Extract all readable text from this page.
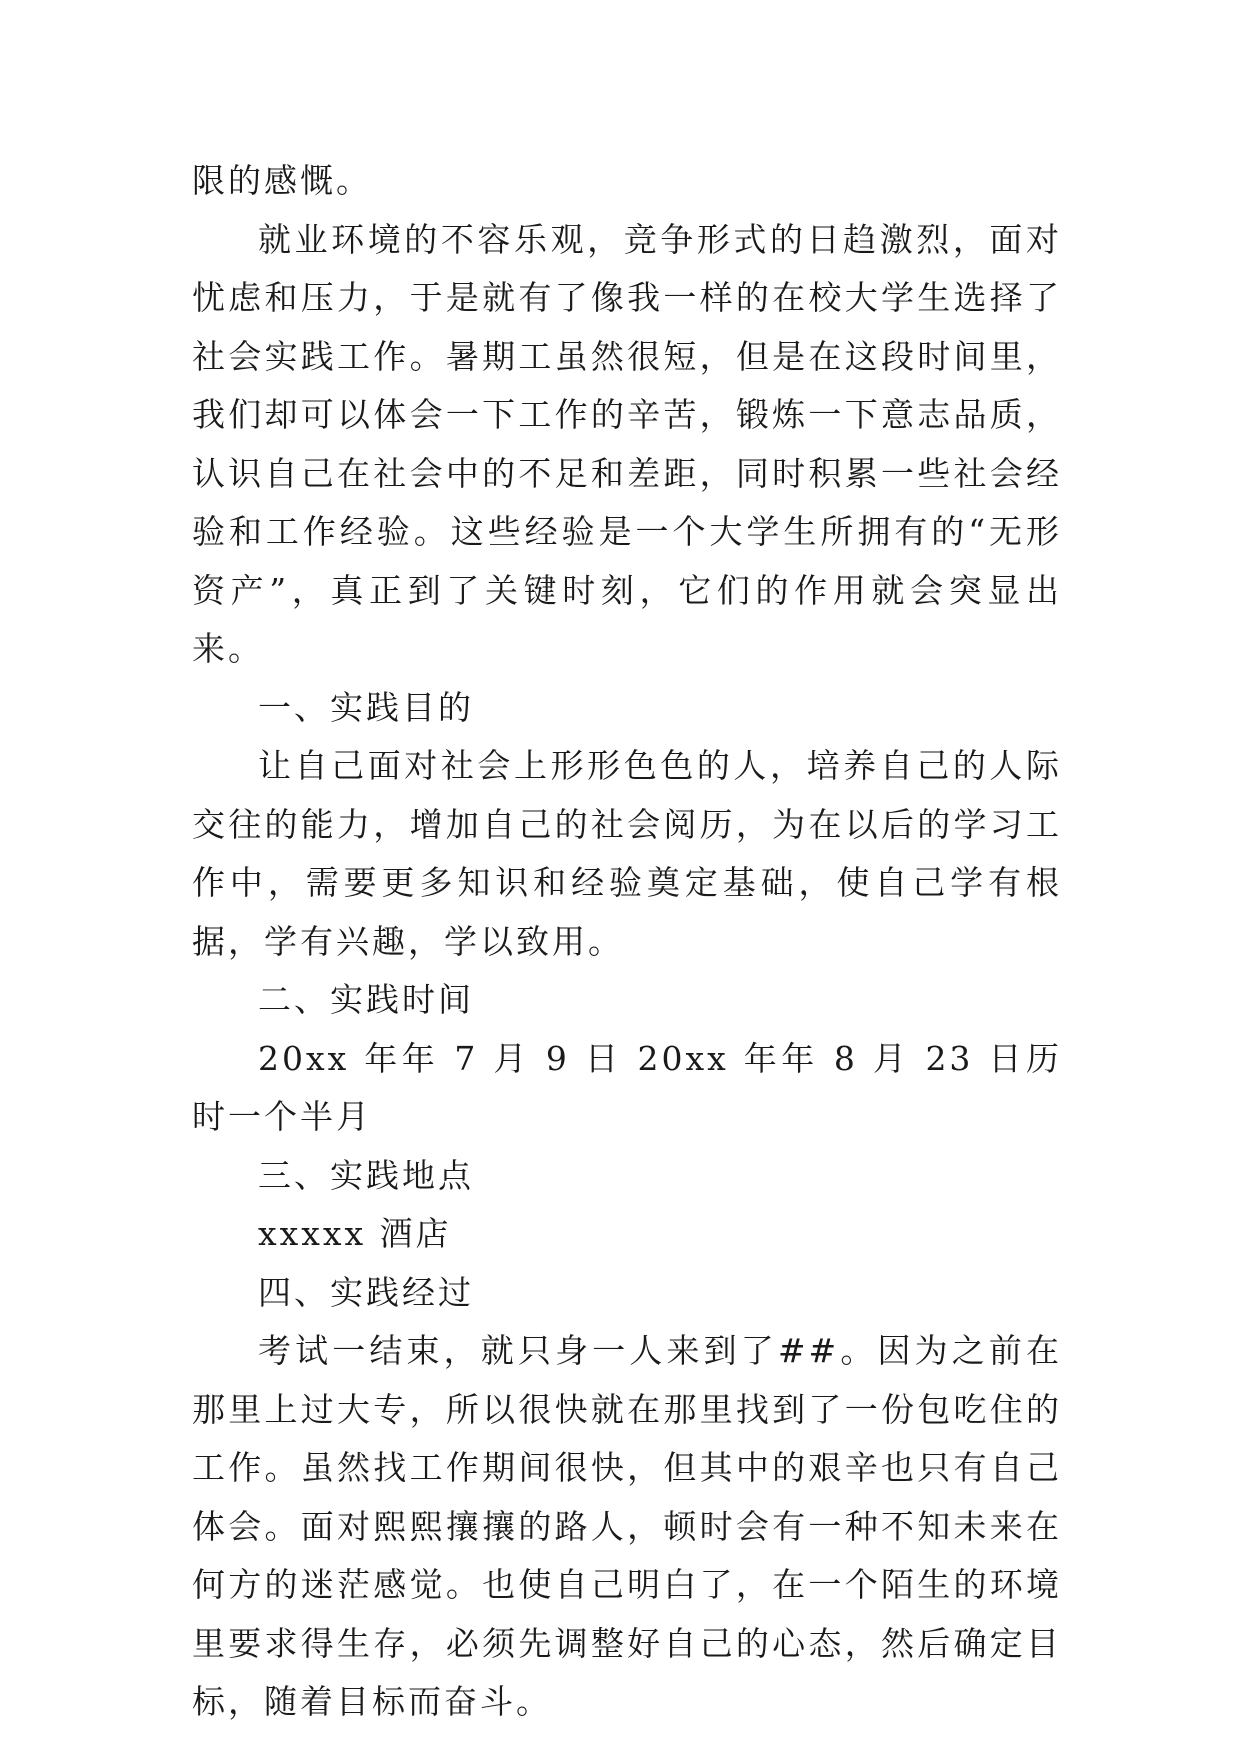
限的感慨。

就业环境的不容乐观，竞争形式的日趋激烈，面对忧虑和压力，于是就有了像我一样的在校大学生选择了社会实践工作。暑期工虽然很短，但是在这段时间里，我们却可以体会一下工作的辛苦，锻炼一下意志品质，认识自己在社会中的不足和差距，同时积累一些社会经验和工作经验。这些经验是一个大学生所拥有的“无形资产”，真正到了关键时刻，它们的作用就会突显出来。

一、实践目的

让自己面对社会上形形色色的人，培养自己的人际交往的能力，增加自己的社会阅历，为在以后的学习工作中，需要更多知识和经验奠定基础，使自己学有根据，学有兴趣，学以致用。

二、实践时间

20xx 年年 7 月 9 日 20xx 年年 8 月 23 日历时一个半月

三、实践地点

xxxxx 酒店

四、实践经过

考试一结束，就只身一人来到了##。因为之前在那里上过大专，所以很快就在那里找到了一份包吃住的工作。虽然找工作期间很快，但其中的艰辛也只有自己体会。面对熙熙攘攘的路人，顿时会有一种不知未来在何方的迷茫感觉。也使自己明白了，在一个陌生的环境里要求得生存，必须先调整好自己的心态，然后确定目标，随着目标而奋斗。
